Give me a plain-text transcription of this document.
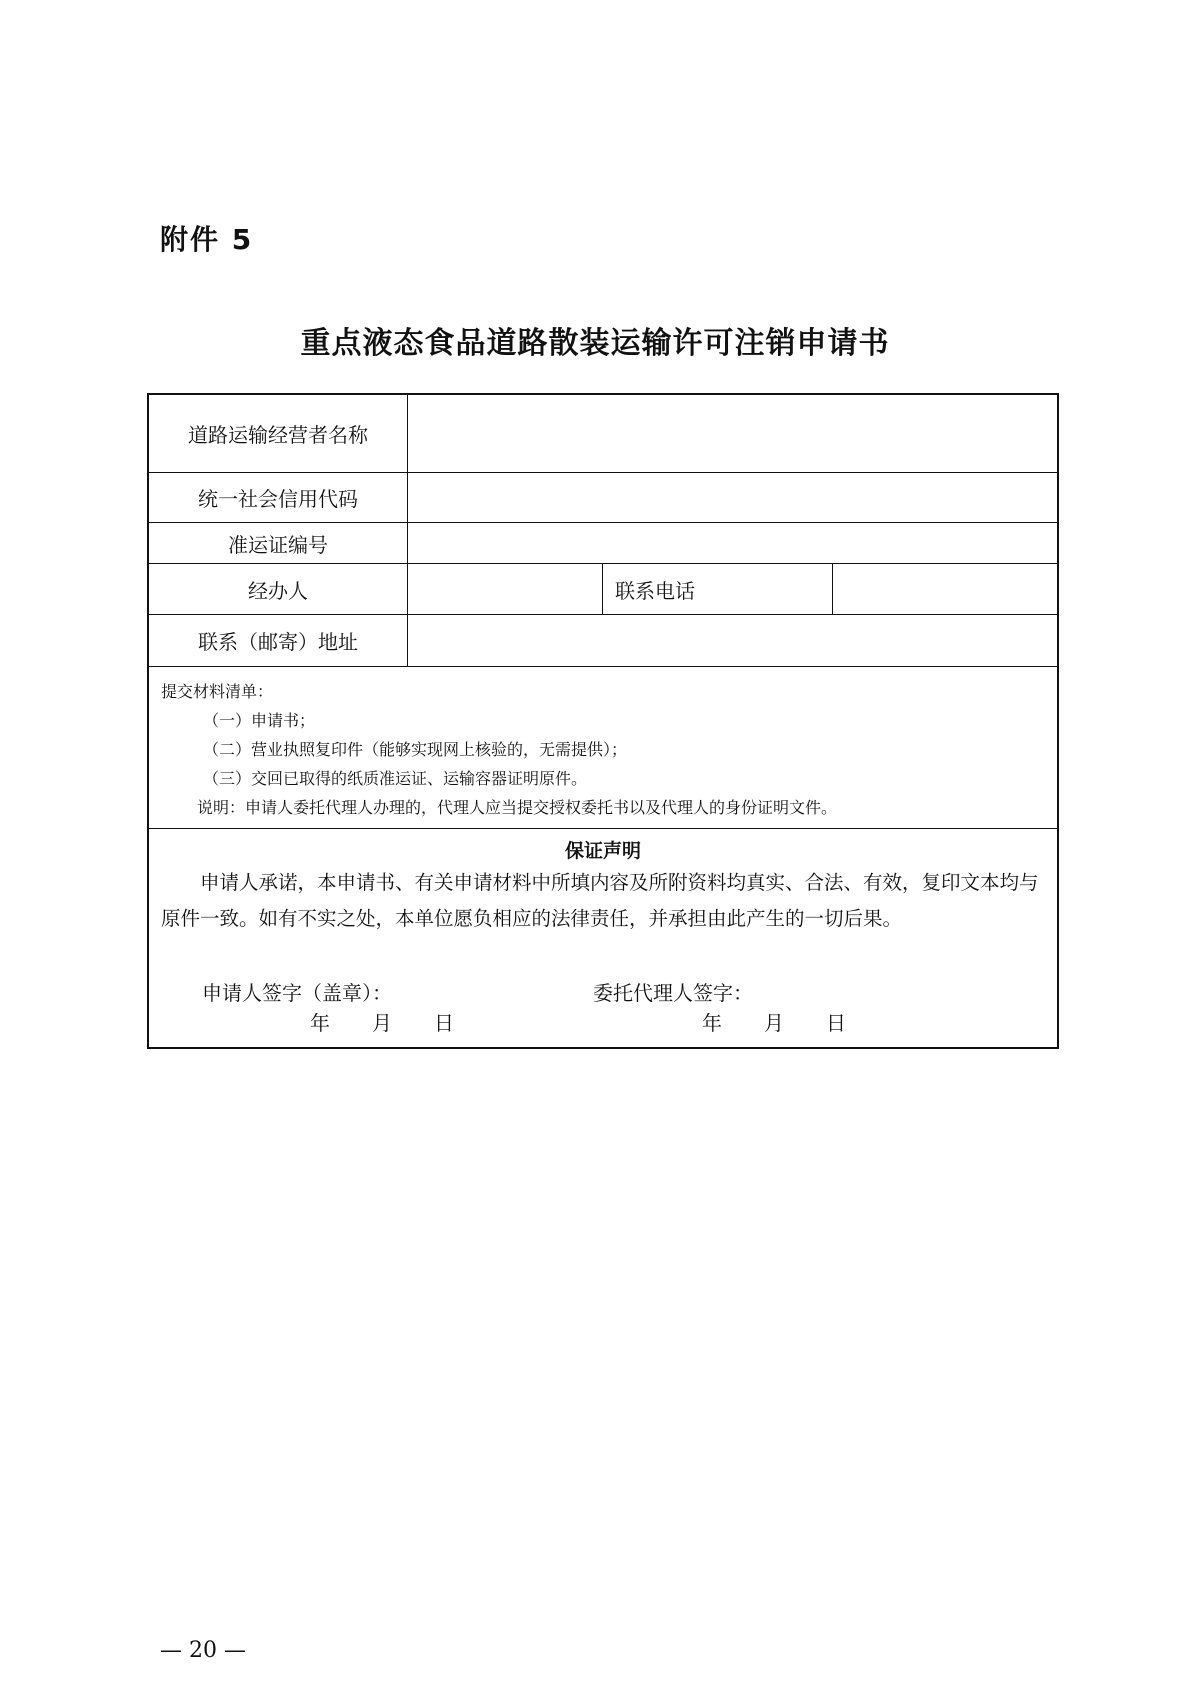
附件 5
重点液态食品道路散装运输许可注销申请书
道路运输经营者名称
统一社会信用代码
准运证编号
经办人	联系电话
联系（邮寄）地址
提交材料清单：
（一）申请书；
（二）营业执照复印件（能够实现网上核验的，无需提供）；
（三）交回已取得的纸质准运证、运输容器证明原件。
说明：申请人委托代理人办理的，代理人应当提交授权委托书以及代理人的身份证明文件。
保证声明

申请人承诺，本申请书、有关申请材料中所填内容及所附资料均真实、合法、有效，复印文本均与原件一致。如有不实之处，本单位愿负相应的法律责任，并承担由此产生的一切后果。

申请人签字（盖章）：	委托代理人签字：
年 月 日	年 月 日
— 20 —
